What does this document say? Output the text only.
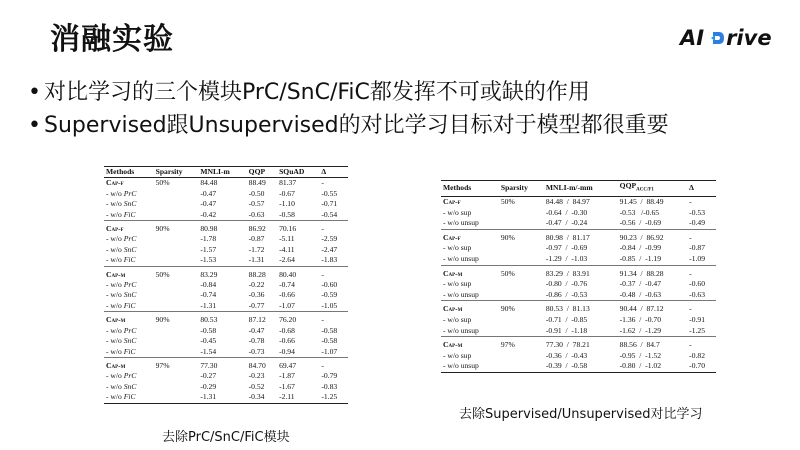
消融实验	AI rive
• 对比学习的三个模块PrC/SnC/FiC都发挥不可或缺的作用
• Supervised跟Unsupervised的对比学习目标对于模型都很重要
Methods	Sparsity	MNLI-m	QQP	SQuAD	Δ
Cap-f	50%	84.48	88.49	81.37	-
- w/o PrC		-0.47	-0.50	-0.67	-0.55
- w/o SnC		-0.47	-0.57	-1.10	-0.71
- w/o FiC		-0.42	-0.63	-0.58	-0.54

Cap-f	90%	80.98	86.92	70.16	-
- w/o PrC		-1.78	-0.87	-5.11	-2.59
- w/o SnC		-1.57	-1.72	-4.11	-2.47
- w/o FiC		-1.53	-1.31	-2.64	-1.83

Cap-m	50%	83.29	88.28	80.40	-
- w/o PrC		-0.84	-0.22	-0.74	-0.60
- w/o SnC		-0.74	-0.36	-0.66	-0.59
- w/o FiC		-1.31	-0.77	-1.07	-1.05

Cap-m	90%	80.53	87.12	76.20	-
- w/o PrC		-0.58	-0.47	-0.68	-0.58
- w/o SnC		-0.45	-0.78	-0.66	-0.58
- w/o FiC		-1.54	-0.73	-0.94	-1.07

Cap-m	97%	77.30	84.70	69.47	-
- w/o PrC		-0.27	-0.23	-1.87	-0.79
- w/o SnC		-0.29	-0.52	-1.67	-0.83
- w/o FiC		-1.31	-0.34	-2.11	-1.25
去除PrC/SnC/FiC模块
Methods	Sparsity	MNLI-m/-mm	$QQP_{ACC/F1}$	Δ
Cap-f	50%	84.48  /  84.97	91.45  /  88.49	-
- w/o sup		-0.64  /  -0.30	-0.53   /-0.65	-0.53
- w/o unsup		-0.47  /  -0.24	-0.56  /  -0.69	-0.49

Cap-f	90%	80.98  /  81.17	90.23  /  86.92	-
- w/o sup		-0.97  /  -0.69	-0.84  /  -0.99	-0.87
- w/o unsup		-1.29  /  -1.03	-0.85  /  -1.19	-1.09

Cap-m	50%	83.29  /  83.91	91.34  /  88.28	-
- w/o sup		-0.80  /  -0.76	-0.37  /  -0.47	-0.60
- w/o unsup		-0.86  /  -0.53	-0.48  /  -0.63	-0.63

Cap-m	90%	80.53  /  81.13	90.44  /  87.12	-
- w/o sup		-0.71  /  -0.85	-1.36  /  -0.70	-0.91
- w/o unsup		-0.91  /  -1.18	-1.62  /  -1.29	-1.25

Cap-m	97%	77.30  /  78.21	88.56  /  84.7	-
- w/o sup		-0.36  /  -0.43	-0.95  /  -1.52	-0.82
- w/o unsup		-0.39  /  -0.58	-0.80  /  -1.02	-0.70
去除Supervised/Unsupervised对比学习
